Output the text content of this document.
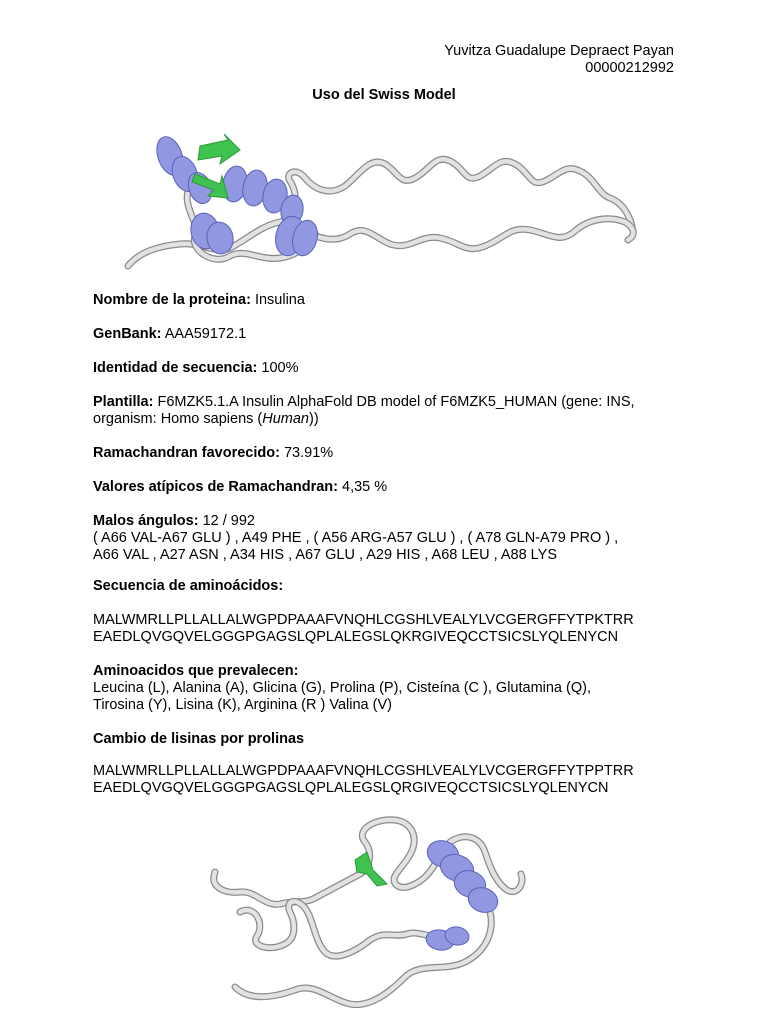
Yuvitza Guadalupe Depraect Payan
00000212992
Uso del Swiss Model

Nombre de la proteina: Insulina

GenBank: AAA59172.1

Identidad de secuencia: 100%

Plantilla: F6MZK5.1.A Insulin AlphaFold DB model of F6MZK5_HUMAN (gene: INS,
organism: Homo sapiens (Human))

Ramachandran favorecido: 73.91%

Valores atípicos de Ramachandran: 4,35 %

Malos ángulos: 12 / 992
( A66 VAL-A67 GLU ) , A49 PHE , ( A56 ARG-A57 GLU ) , ( A78 GLN-A79 PRO ) ,
A66 VAL , A27 ASN , A34 HIS , A67 GLU , A29 HIS , A68 LEU , A88 LYS

Secuencia de aminoácidos:

MALWMRLLPLLALLALWGPDPAAAFVNQHLCGSHLVEALYLVCGERGFFYTPKTRR
EAEDLQVGQVELGGGPGAGSLQPLALEGSLQKRGIVEQCCTSICSLYQLENYCN

Aminoacidos que prevalecen:
Leucina (L), Alanina (A), Glicina (G), Prolina (P), Cisteína (C ), Glutamina (Q),
Tirosina (Y), Lisina (K), Arginina (R ) Valina (V)

Cambio de lisinas por prolinas

MALWMRLLPLLALLALWGPDPAAAFVNQHLCGSHLVEALYLVCGERGFFYTPPTRR
EAEDLQVGQVELGGGPGAGSLQPLALEGSLQRGIVEQCCTSICSLYQLENYCN
